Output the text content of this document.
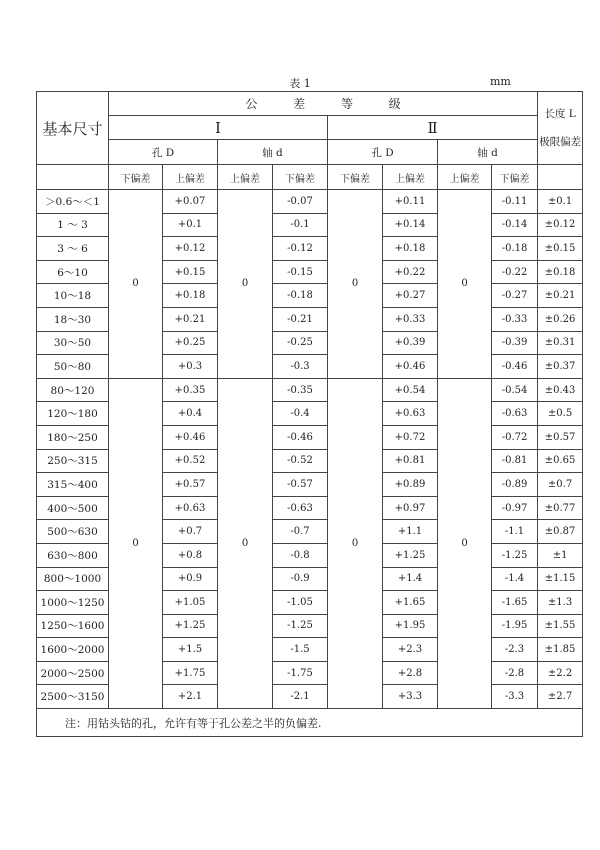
表 1	mm
基本尺寸	公 差 等 级								长度 L
极限偏差

	Ⅰ				Ⅱ				
	孔 D		轴 d		孔 D		轴 d		
	下偏差	上偏差	上偏差	下偏差	下偏差	上偏差	上偏差	下偏差	
＞0.6～＜1	0	+0.07	0	-0.07	0	+0.11	0	-0.11	±0.1
1 ～ 3		+0.1		-0.1		+0.14		-0.14	±0.12
3 ～ 6		+0.12		-0.12		+0.18		-0.18	±0.15
6～10		+0.15		-0.15		+0.22		-0.22	±0.18
10～18		+0.18		-0.18		+0.27		-0.27	±0.21
18～30		+0.21		-0.21		+0.33		-0.33	±0.26
30～50		+0.25		-0.25		+0.39		-0.39	±0.31
50～80		+0.3		-0.3		+0.46		-0.46	±0.37
80～120	0	+0.35	0	-0.35	0	+0.54	0	-0.54	±0.43
120～180		+0.4		-0.4		+0.63		-0.63	±0.5
180～250		+0.46		-0.46		+0.72		-0.72	±0.57
250～315		+0.52		-0.52		+0.81		-0.81	±0.65
315～400		+0.57		-0.57		+0.89		-0.89	±0.7
400～500		+0.63		-0.63		+0.97		-0.97	±0.77
500～630		+0.7		-0.7		+1.1		-1.1	±0.87
630～800		+0.8		-0.8		+1.25		-1.25	±1
800～1000		+0.9		-0.9		+1.4		-1.4	±1.15
1000～1250		+1.05		-1.05		+1.65		-1.65	±1.3
1250～1600		+1.25		-1.25		+1.95		-1.95	±1.55
1600～2000		+1.5		-1.5		+2.3		-2.3	±1.85
2000～2500		+1.75		-1.75		+2.8		-2.8	±2.2
2500～3150		+2.1		-2.1		+3.3		-3.3	±2.7
注：用钻头钻的孔，允许有等于孔公差之半的负偏差.									
